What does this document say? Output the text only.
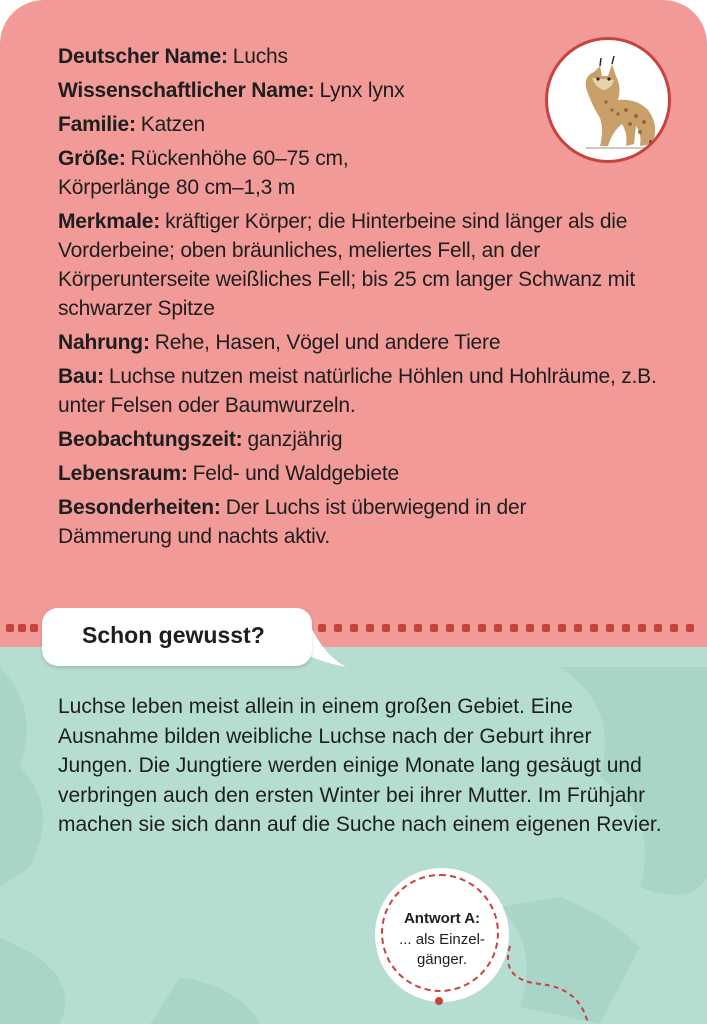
Deutscher Name : Luchs
Wissenschaftlicher Name : Lynx lynx
Familie : Katzen
Größe : Rückenhöhe 60–75 cm,
Körperlänge 80 cm–1,3 m
Merkmale : kräftiger Körper; die Hinterbeine sind länger als die Vorderbeine; oben bräunliches, meliertes Fell, an der Körperunterseite weißliches Fell; bis 25 cm langer Schwanz mit schwarzer Spitze
Nahrung : Rehe, Hasen, Vögel und andere Tiere
Bau : Luchse nutzen meist natürliche Höhlen und Hohlräume, z.B. unter Felsen oder Baumwurzeln.
Beobachtungszeit : ganzjährig
Lebensraum : Feld- und Waldgebiete
Besonderheiten : Der Luchs ist überwiegend in der Dämmerung und nachts aktiv.
Schon gewusst?
Luchse leben meist allein in einem großen Gebiet. Eine Ausnahme bilden weibliche Luchse nach der Geburt ihrer Jungen. Die Jungtiere werden einige Monate lang gesäugt und verbringen auch den ersten Winter bei ihrer Mutter. Im Frühjahr machen sie sich dann auf die Suche nach einem eigenen Revier.
Antwort A:
... als Einzel-
gänger.
